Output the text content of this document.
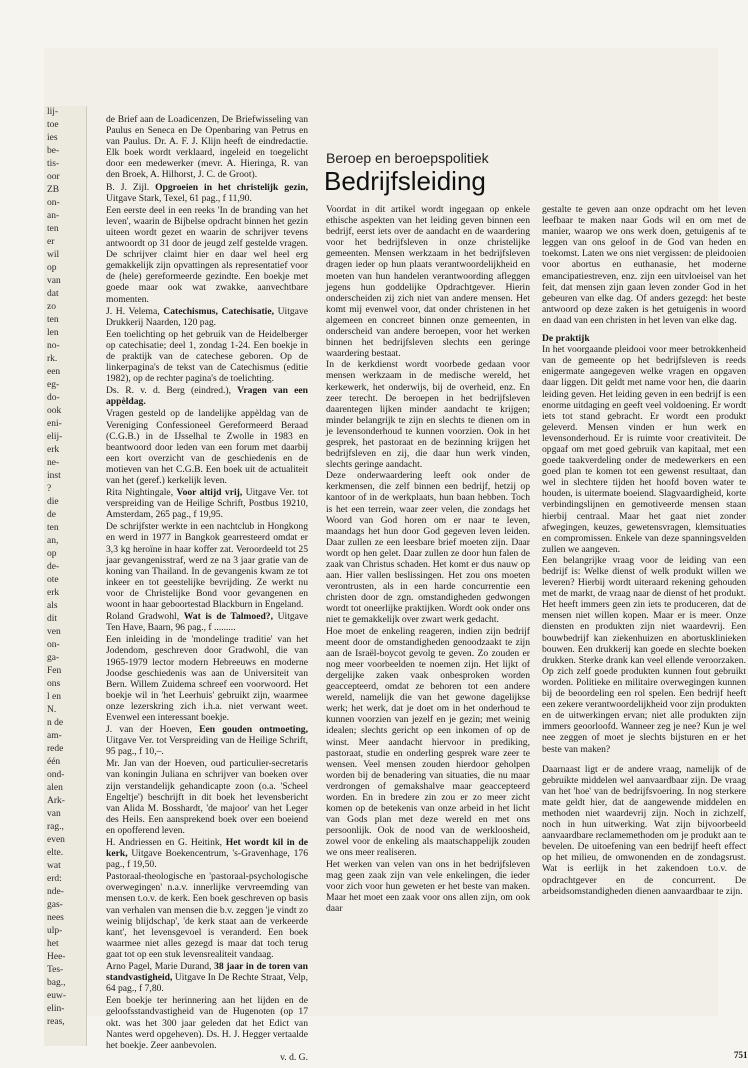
lij-
toe
ies
be-
tis-
oor
ZB
on-
an-
ten
er
wil
op
van
dat
zo
ten
len
no-
rk.
een
eg-
do-
ook
eni-
elij-
erk
ne-
inst
?
die
de
ten
an,
op
de-
ote
erk
als
dit
ven
on-
ga-
Fen
ons
l en
N.
n de
am-
rede
één
ond-
alen
Ark-
van
rag.,
even
elte.
wat
erd:
nde-
gas-
nees
ulp-
het
Hee-
Tes-
bag.,
euw-
elin-
reas,

de Brief aan de Loadicenzen, De Briefwisseling van Paulus en Seneca en De Openbaring van Petrus en van Paulus. Dr. A. F. J. Klijn heeft de eindredactie. Elk boek wordt verklaard, ingeleid en toegelicht door een medewerker (mevr. A. Hieringa, R. van den Broek, A. Hilhorst, J. C. de Groot).

B. J. Zijl. Opgroeien in het christelijk gezin, Uitgave Stark, Texel, 61 pag., f 11,90.

Een eerste deel in een reeks 'In de branding van het leven', waarin de Bijbelse opdracht binnen het gezin uiteen wordt gezet en waarin de schrijver tevens antwoordt op 31 door de jeugd zelf gestelde vragen. De schrijver claimt hier en daar wel heel erg gemakkelijk zijn opvattingen als representatief voor de (hele) gereformeerde gezindte. Een boekje met goede maar ook wat zwakke, aanvechtbare momenten.

J. H. Velema, Catechismus, Catechisatie, Uitgave Drukkerij Naarden, 120 pag.

Een toelichting op het gebruik van de Heidelberger op catechisatie; deel 1, zondag 1-24. Een boekje in de praktijk van de catechese geboren. Op de linkerpagina's de tekst van de Catechismus (editie 1982), op de rechter pagina's de toelichting.

Ds. R. v. d. Berg (eindred.), Vragen van een appèldag.

Vragen gesteld op de landelijke appèldag van de Vereniging Confessioneel Gereformeerd Beraad (C.G.B.) in de IJsselhal te Zwolle in 1983 en beantwoord door leden van een forum met daarbij een kort overzicht van de geschiedenis en de motieven van het C.G.B. Een boek uit de actualiteit van het (geref.) kerkelijk leven.

Rita Nightingale, Voor altijd vrij, Uitgave Ver. tot verspreiding van de Heilige Schrift, Postbus 19210, Amsterdam, 265 pag., f 19,95.

De schrijfster werkte in een nachtclub in Hongkong en werd in 1977 in Bangkok gearresteerd omdat er 3,3 kg heroïne in haar koffer zat. Veroordeeld tot 25 jaar gevangenisstraf, werd ze na 3 jaar gratie van de koning van Thailand. In de gevangenis kwam ze tot inkeer en tot geestelijke bevrijding. Ze werkt nu voor de Christelijke Bond voor gevangenen en woont in haar geboortestad Blackburn in Engeland.

Roland Gradwohl, Wat is de Talmoed?, Uitgave Ten Have, Baarn, 96 pag., f .........

Een inleiding in de 'mondelinge traditie' van het Jodendom, geschreven door Gradwohl, die van 1965-1979 lector modern Hebreeuws en moderne Joodse geschiedenis was aan de Universiteit van Bern. Willem Zuidema schreef een voorwoord. Het boekje wil in 'het Leerhuis' gebruikt zijn, waarmee onze lezerskring zich i.h.a. niet verwant weet. Evenwel een interessant boekje.

J. van der Hoeven, Een gouden ontmoeting, Uitgave Ver. tot Verspreiding van de Heilige Schrift, 95 pag., f 10,–.

Mr. Jan van der Hoeven, oud particulier-secretaris van koningin Juliana en schrijver van boeken over zijn verstandelijk gehandicapte zoon (o.a. 'Scheel Engeltje') beschrijft in dit boek het levensbericht van Alida M. Bosshardt, 'de majoor' van het Leger des Heils. Een aansprekend boek over een boeiend en opofferend leven.

H. Andriessen en G. Heitink, Het wordt kil in de kerk, Uitgave Boekencentrum, 's-Gravenhage, 176 pag., f 19,50.

Pastoraal-theologische en 'pastoraal-psychologische overwegingen' n.a.v. innerlijke vervreemding van mensen t.o.v. de kerk. Een boek geschreven op basis van verhalen van mensen die b.v. zeggen 'je vindt zo weinig blijdschap', 'de kerk staat aan de verkeerde kant', het levensgevoel is veranderd. Een boek waarmee niet alles gezegd is maar dat toch terug gaat tot op een stuk levensrealiteit vandaag.

Arno Pagel, Marie Durand, 38 jaar in de toren van standvastigheid, Uitgave In De Rechte Straat, Velp, 64 pag., f 7,80.

Een boekje ter herinnering aan het lijden en de geloofsstandvastigheid van de Hugenoten (op 17 okt. was het 300 jaar geleden dat het Edict van Nantes werd opgeheven). Ds. H. J. Hegger vertaalde het boekje. Zeer aanbevolen.

v. d. G.

Beroep en beroepspolitiek
Bedrijfsleiding

Voordat in dit artikel wordt ingegaan op enkele ethische aspekten van het leiding geven binnen een bedrijf, eerst iets over de aandacht en de waardering voor het bedrijfsleven in onze christelijke gemeenten. Mensen werkzaam in het bedrijfsleven dragen ieder op hun plaats verantwoordelijkheid en moeten van hun handelen verantwoording afleggen jegens hun goddelijke Opdrachtgever. Hierin onderscheiden zij zich niet van andere mensen. Het komt mij evenwel voor, dat onder christenen in het algemeen en concreet binnen onze gemeenten, in onderscheid van andere beroepen, voor het werken binnen het bedrijfsleven slechts een geringe waardering bestaat.

In de kerkdienst wordt voorbede gedaan voor mensen werkzaam in de medische wereld, het kerkewerk, het onderwijs, bij de overheid, enz. En zeer terecht. De beroepen in het bedrijfsleven daarentegen lijken minder aandacht te krijgen; minder belangrijk te zijn en slechts te dienen om in je levensonderhoud te kunnen voorzien. Ook in het gesprek, het pastoraat en de bezinning krijgen het bedrijfsleven en zij, die daar hun werk vinden, slechts geringe aandacht.

Deze onderwaardering leeft ook onder de kerkmensen, die zelf binnen een bedrijf, hetzij op kantoor of in de werkplaats, hun baan hebben. Toch is het een terrein, waar zeer velen, die zondags het Woord van God horen om er naar te leven, maandags het hun door God gegeven leven leiden. Daar zullen ze een leesbare brief moeten zijn. Daar wordt op hen gelet. Daar zullen ze door hun falen de zaak van Christus schaden. Het komt er dus nauw op aan. Hier vallen beslissingen. Het zou ons moeten verontrusten, als in een harde concurrentie een christen door de zgn. omstandigheden gedwongen wordt tot oneerlijke praktijken. Wordt ook onder ons niet te gemakkelijk over zwart werk gedacht.

Hoe moet de enkeling reageren, indien zijn bedrijf meent door de omstandigheden genoodzaakt te zijn aan de Israël-boycot gevolg te geven. Zo zouden er nog meer voorbeelden te noemen zijn. Het lijkt of dergelijke zaken vaak onbesproken worden geaccepteerd, omdat ze behoren tot een andere wereld, namelijk die van het gewone dagelijkse werk; het werk, dat je doet om in het onderhoud te kunnen voorzien van jezelf en je gezin; met weinig idealen; slechts gericht op een inkomen of op de winst. Meer aandacht hiervoor in prediking, pastoraat, studie en onderling gesprek ware zeer te wensen. Veel mensen zouden hierdoor geholpen worden bij de benadering van situaties, die nu maar verdrongen of gemakshalve maar geaccepteerd worden. En in bredere zin zou er zo meer zicht komen op de betekenis van onze arbeid in het licht van Gods plan met deze wereld en met ons persoonlijk. Ook de nood van de werkloosheid, zowel voor de enkeling als maatschappelijk zouden we ons meer realiseren.

Het werken van velen van ons in het bedrijfsleven mag geen zaak zijn van vele enkelingen, die ieder voor zich voor hun geweten er het beste van maken. Maar het moet een zaak voor ons allen zijn, om ook daar

gestalte te geven aan onze opdracht om het leven leefbaar te maken naar Gods wil en om met de manier, waarop we ons werk doen, getuigenis af te leggen van ons geloof in de God van heden en toekomst. Laten we ons niet vergissen: de pleidooien voor abortus en euthanasie, het moderne emancipatiestreven, enz. zijn een uitvloeisel van het feit, dat mensen zijn gaan leven zonder God in het gebeuren van elke dag. Of anders gezegd: het beste antwoord op deze zaken is het getuigenis in woord en daad van een christen in het leven van elke dag.

De praktijk

In het voorgaande pleidooi voor meer betrokkenheid van de gemeente op het bedrijfsleven is reeds enigermate aangegeven welke vragen en opgaven daar liggen. Dit geldt met name voor hen, die daarin leiding geven. Het leiding geven in een bedrijf is een enorme uitdaging en geeft veel voldoening. Er wordt iets tot stand gebracht. Er wordt een produkt geleverd. Mensen vinden er hun werk en levensonderhoud. Er is ruimte voor creativiteit. De opgaaf om met goed gebruik van kapitaal, met een goede taakverdeling onder de medewerkers en een goed plan te komen tot een gewenst resultaat, dan wel in slechtere tijden het hoofd boven water te houden, is uitermate boeiend. Slagvaardigheid, korte verbindingslijnen en gemotiveerde mensen staan hierbij centraal. Maar het gaat niet zonder afwegingen, keuzes, gewetensvragen, klemsituaties en compromissen. Enkele van deze spanningsvelden zullen we aangeven.

Een belangrijke vraag voor de leiding van een bedrijf is: Welke dienst of welk produkt willen we leveren? Hierbij wordt uiteraard rekening gehouden met de markt, de vraag naar de dienst of het produkt. Het heeft immers geen zin iets te produceren, dat de mensen niet willen kopen. Maar er is meer. Onze diensten en produkten zijn niet waardevrij. Een bouwbedrijf kan ziekenhuizen en abortusklinieken bouwen. Een drukkerij kan goede en slechte boeken drukken. Sterke drank kan veel ellende veroorzaken. Op zich zelf goede produkten kunnen fout gebruikt worden. Politieke en militaire overwegingen kunnen bij de beoordeling een rol spelen. Een bedrijf heeft een zekere verantwoordelijkheid voor zijn produkten en de uitwerkingen ervan; niet alle produkten zijn immers geoorloofd. Wanneer zeg je nee? Kun je wel nee zeggen of moet je slechts bijsturen en er het beste van maken?

Daarnaast ligt er de andere vraag, namelijk of de gebruikte middelen wel aanvaardbaar zijn. De vraag van het 'hoe' van de bedrijfsvoering. In nog sterkere mate geldt hier, dat de aangewende middelen en methoden niet waardevrij zijn. Noch in zichzelf, noch in hun uitwerking. Wat zijn bijvoorbeeld aanvaardbare reclamemethoden om je produkt aan te bevelen. De uitoefening van een bedrijf heeft effect op het milieu, de omwonenden en de zondagsrust. Wat is eerlijk in het zakendoen t.o.v. de opdrachtgever en de concurrent. De arbeidsomstandigheden dienen aanvaardbaar te zijn.

751
